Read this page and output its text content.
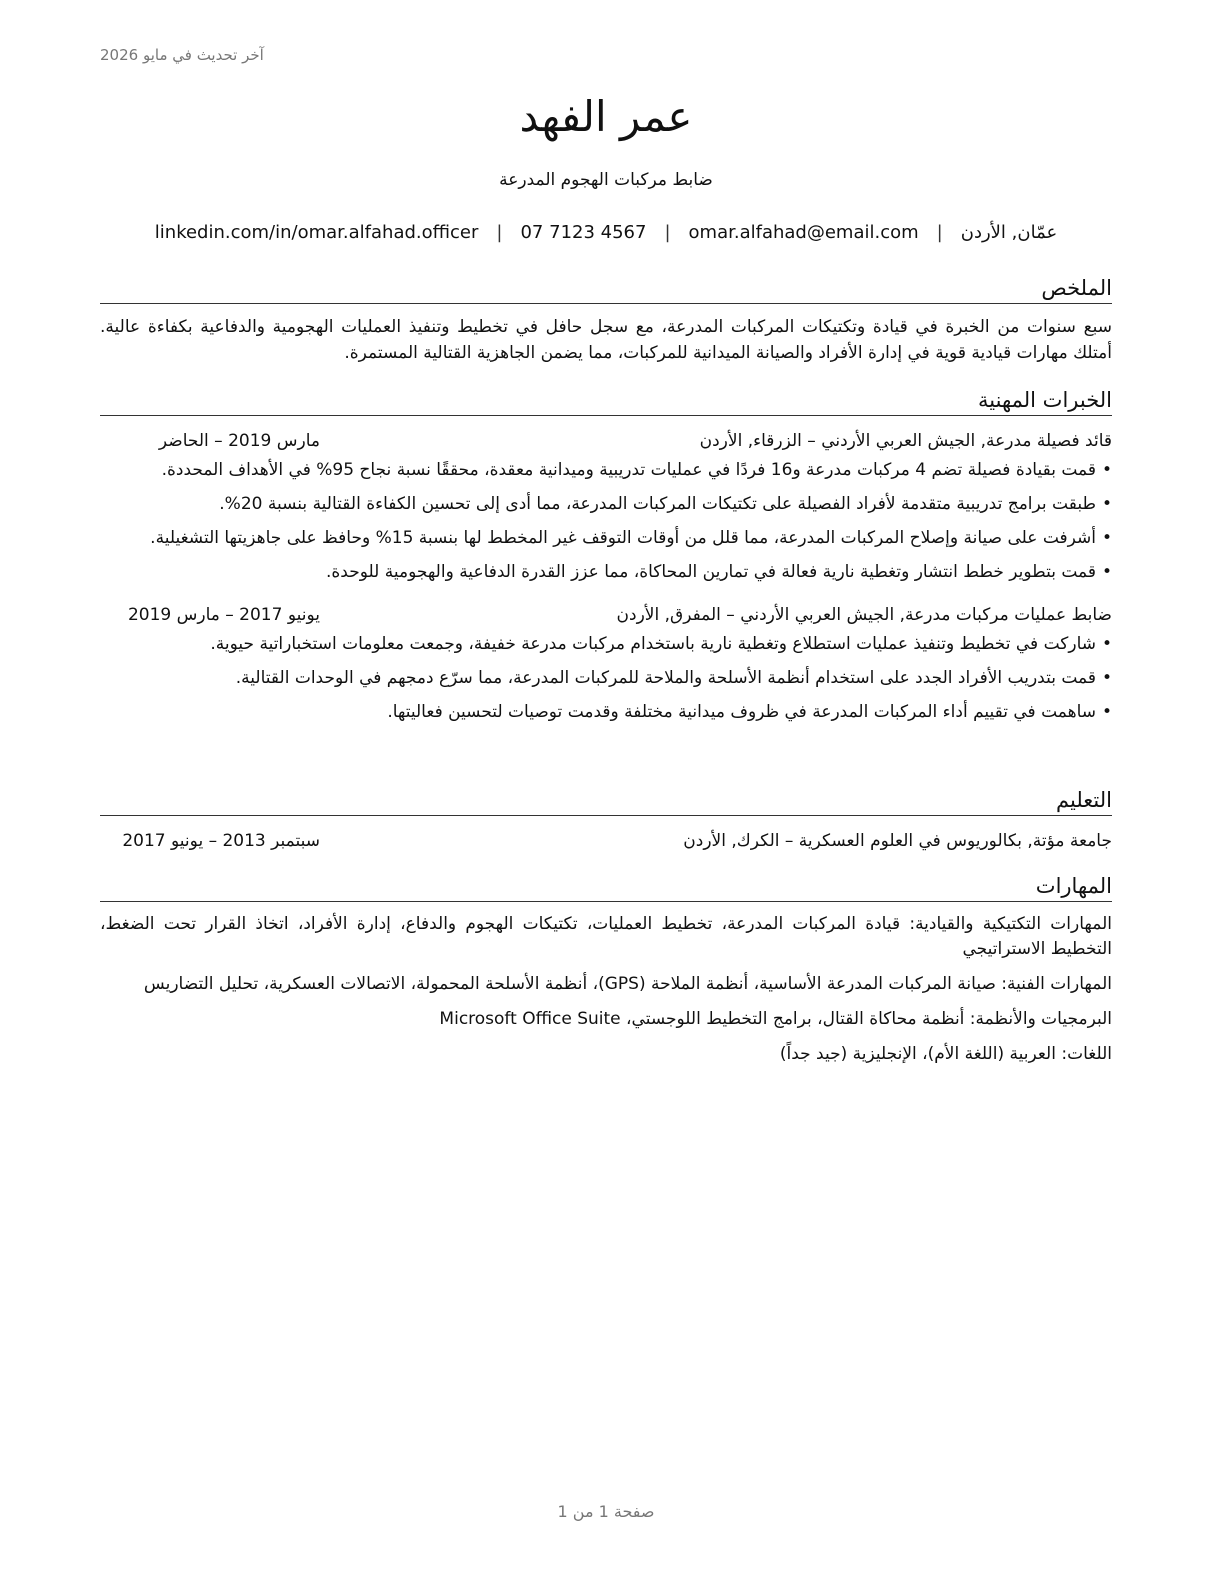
آخر تحديث في مايو 2026
عمر الفهد
ضابط مركبات الهجوم المدرعة
عمّان, الأردن
|
omar.alfahad@email.com
|
07 7123 4567
|
linkedin.com/in/omar.alfahad.officer
الملخص

سبع سنوات من الخبرة في قيادة وتكتيكات المركبات المدرعة، مع سجل حافل في تخطيط وتنفيذ العمليات الهجومية والدفاعية بكفاءة عالية. أمتلك مهارات قيادية قوية في إدارة الأفراد والصيانة الميدانية للمركبات، مما يضمن الجاهزية القتالية المستمرة.

الخبرات المهنية
قائد فصيلة مدرعة, الجيش العربي الأردني – الزرقاء, الأردن
مارس 2019 – الحاضر
• قمت بقيادة فصيلة تضم 4 مركبات مدرعة و16 فردًا في عمليات تدريبية وميدانية معقدة، محققًا نسبة نجاح 95% في الأهداف المحددة.
• طبقت برامج تدريبية متقدمة لأفراد الفصيلة على تكتيكات المركبات المدرعة، مما أدى إلى تحسين الكفاءة القتالية بنسبة 20%.
• أشرفت على صيانة وإصلاح المركبات المدرعة، مما قلل من أوقات التوقف غير المخطط لها بنسبة 15% وحافظ على جاهزيتها التشغيلية.
• قمت بتطوير خطط انتشار وتغطية نارية فعالة في تمارين المحاكاة، مما عزز القدرة الدفاعية والهجومية للوحدة.
ضابط عمليات مركبات مدرعة, الجيش العربي الأردني – المفرق, الأردن
يونيو 2017 – مارس 2019
• شاركت في تخطيط وتنفيذ عمليات استطلاع وتغطية نارية باستخدام مركبات مدرعة خفيفة، وجمعت معلومات استخباراتية حيوية.
• قمت بتدريب الأفراد الجدد على استخدام أنظمة الأسلحة والملاحة للمركبات المدرعة، مما سرّع دمجهم في الوحدات القتالية.
• ساهمت في تقييم أداء المركبات المدرعة في ظروف ميدانية مختلفة وقدمت توصيات لتحسين فعاليتها.
التعليم
جامعة مؤتة, بكالوريوس في العلوم العسكرية – الكرك, الأردن
سبتمبر 2013 – يونيو 2017
المهارات
المهارات التكتيكية والقيادية: قيادة المركبات المدرعة، تخطيط العمليات، تكتيكات الهجوم والدفاع، إدارة الأفراد، اتخاذ القرار تحت الضغط، التخطيط الاستراتيجي
المهارات الفنية: صيانة المركبات المدرعة الأساسية، أنظمة الملاحة (GPS)، أنظمة الأسلحة المحمولة، الاتصالات العسكرية، تحليل التضاريس
البرمجيات والأنظمة: أنظمة محاكاة القتال، برامج التخطيط اللوجستي، Microsoft Office Suite
اللغات: العربية (اللغة الأم)، الإنجليزية (جيد جداً)
صفحة 1 من 1
